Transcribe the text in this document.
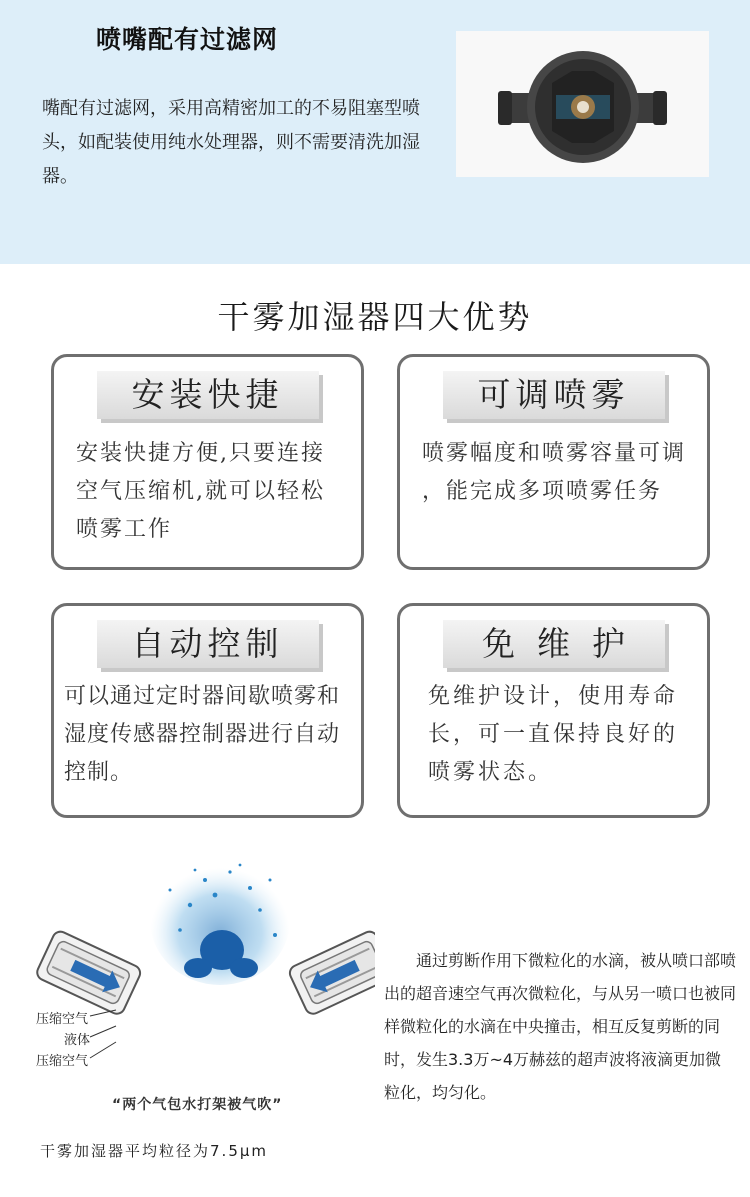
喷嘴配有过滤网
嘴配有过滤网，采用高精密加工的不易阻塞型喷头，如配装使用纯水处理器，则不需要清洗加湿器。
干雾加湿器四大优势
安装快捷
安装快捷方便,只要连接空气压缩机,就可以轻松喷雾工作
可调喷雾
喷雾幅度和喷雾容量可调 ，能完成多项喷雾任务
自动控制
可以通过定时器间歇喷雾和湿度传感器控制器进行自动控制。
免维护
免维护设计，使用寿命长，可一直保持良好的喷雾状态。
压缩空气
液体
压缩空气
“两个气包水打架被气吹”
干雾加湿器平均粒径为7.5μm
通过剪断作用下微粒化的水滴，被从喷口部喷出的超音速空气再次微粒化，与从另一喷口也被同样微粒化的水滴在中央撞击，相互反复剪断的同时，发生3.3万~4万赫兹的超声波将液滴更加微粒化，均匀化。
